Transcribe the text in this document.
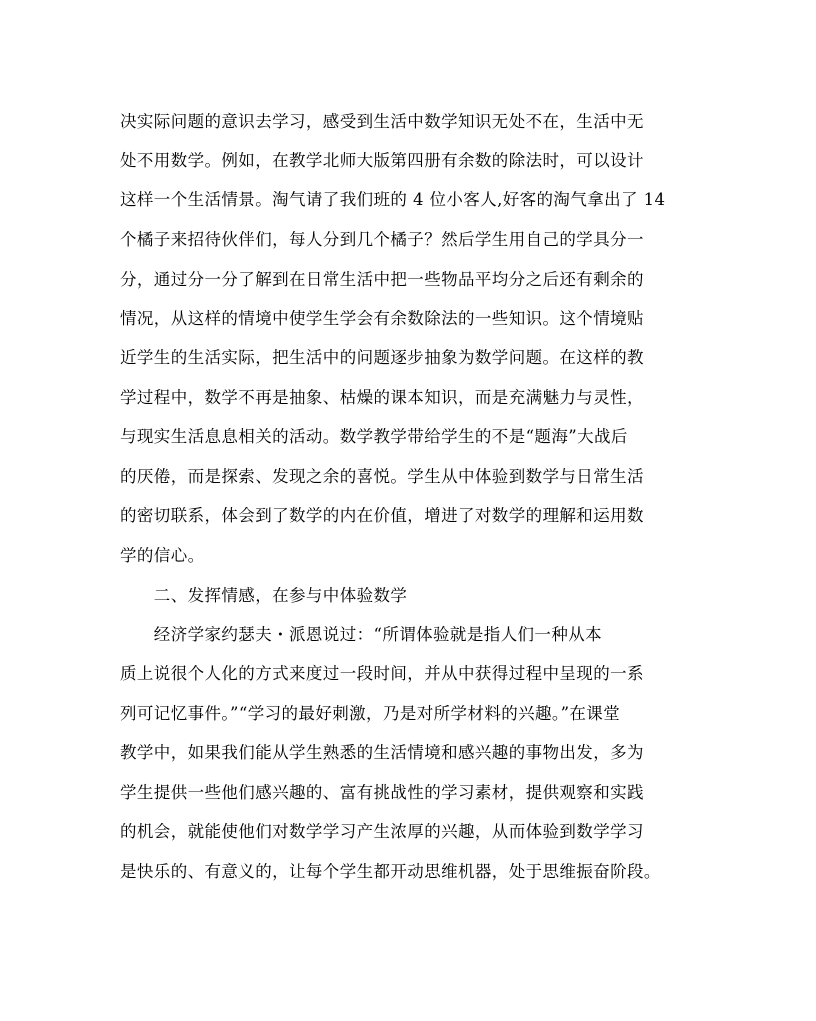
决实际问题的意识去学习，感受到生活中数学知识无处不在，生活中无
处不用数学。例如，在教学北师大版第四册有余数的除法时，可以设计
这样一个生活情景。淘气请了我们班的 4 位小客人,好客的淘气拿出了 14
个橘子来招待伙伴们，每人分到几个橘子？然后学生用自己的学具分一
分，通过分一分了解到在日常生活中把一些物品平均分之后还有剩余的
情况，从这样的情境中使学生学会有余数除法的一些知识。这个情境贴
近学生的生活实际，把生活中的问题逐步抽象为数学问题。在这样的教
学过程中，数学不再是抽象、枯燥的课本知识，而是充满魅力与灵性，
与现实生活息息相关的活动。数学教学带给学生的不是“题海”大战后
的厌倦，而是探索、发现之余的喜悦。学生从中体验到数学与日常生活
的密切联系，体会到了数学的内在价值，增进了对数学的理解和运用数
学的信心。
　　二、发挥情感，在参与中体验数学
　　经济学家约瑟夫・派恩说过：“所谓体验就是指人们一种从本
质上说很个人化的方式来度过一段时间，并从中获得过程中呈现的一系
列可记忆事件。”“学习的最好刺激，乃是对所学材料的兴趣。”在课堂
教学中，如果我们能从学生熟悉的生活情境和感兴趣的事物出发，多为
学生提供一些他们感兴趣的、富有挑战性的学习素材，提供观察和实践
的机会，就能使他们对数学学习产生浓厚的兴趣，从而体验到数学学习
是快乐的、有意义的，让每个学生都开动思维机器，处于思维振奋阶段。
